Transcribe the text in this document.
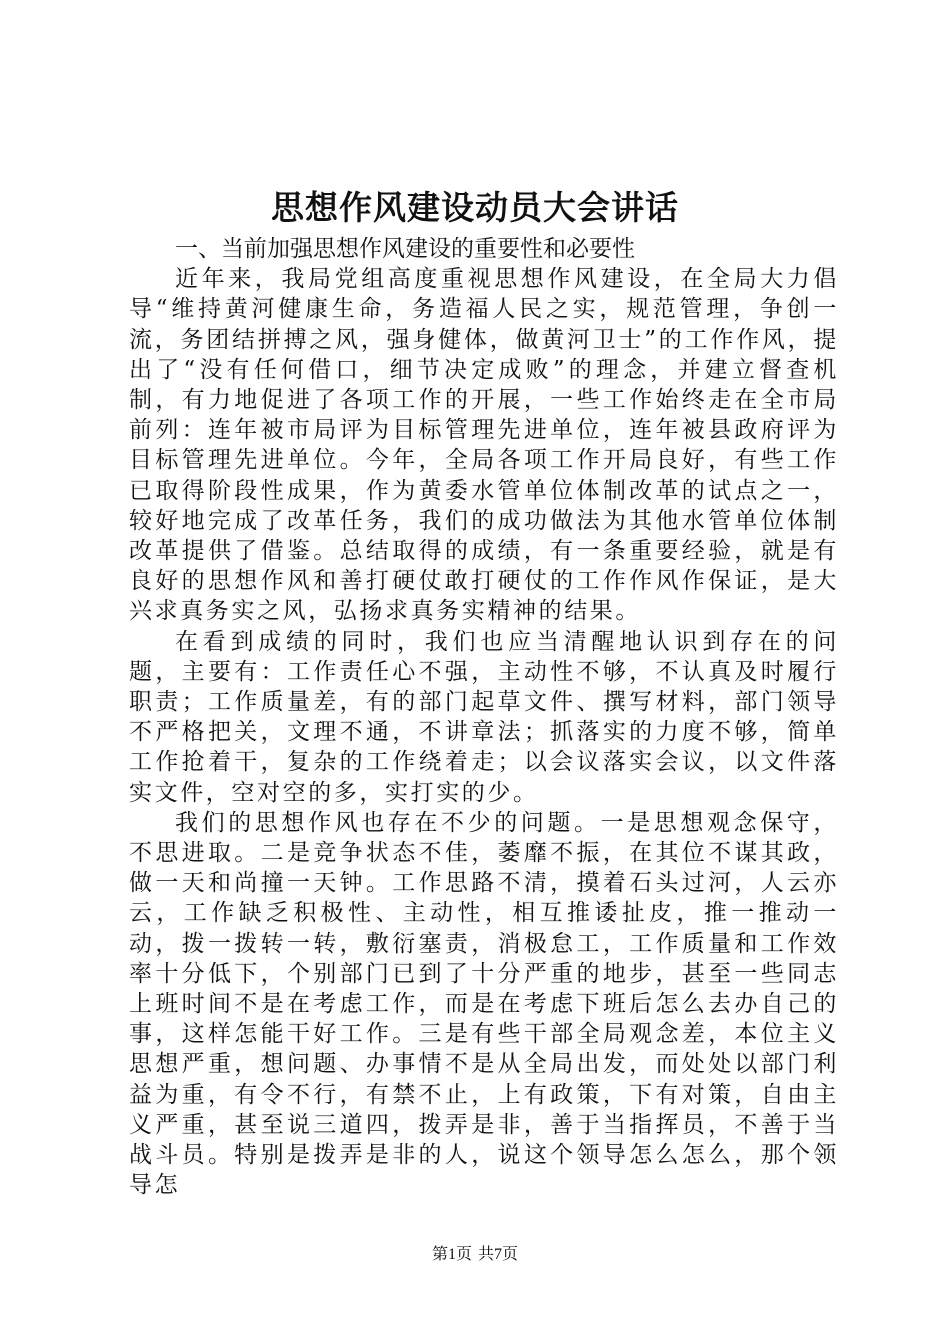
思想作风建设动员大会讲话

一、当前加强思想作风建设的重要性和必要性

近年来，我局党组高度重视思想作风建设，在全局大力倡导“维持黄河健康生命，务造福人民之实，规范管理，争创一流，务团结拼搏之风，强身健体，做黄河卫士”的工作作风，提出了“没有任何借口，细节决定成败”的理念，并建立督查机制，有力地促进了各项工作的开展，一些工作始终走在全市局前列：连年被市局评为目标管理先进单位，连年被县政府评为目标管理先进单位。今年，全局各项工作开局良好，有些工作已取得阶段性成果，作为黄委水管单位体制改革的试点之一，较好地完成了改革任务，我们的成功做法为其他水管单位体制改革提供了借鉴。总结取得的成绩，有一条重要经验，就是有良好的思想作风和善打硬仗敢打硬仗的工作作风作保证，是大兴求真务实之风，弘扬求真务实精神的结果。

在看到成绩的同时，我们也应当清醒地认识到存在的问题，主要有：工作责任心不强，主动性不够，不认真及时履行职责；工作质量差，有的部门起草文件、撰写材料，部门领导不严格把关，文理不通，不讲章法；抓落实的力度不够，简单工作抢着干，复杂的工作绕着走；以会议落实会议，以文件落实文件，空对空的多，实打实的少。

我们的思想作风也存在不少的问题。一是思想观念保守，不思进取。二是竞争状态不佳，萎靡不振，在其位不谋其政，做一天和尚撞一天钟。工作思路不清，摸着石头过河，人云亦云，工作缺乏积极性、主动性，相互推诿扯皮，推一推动一动，拨一拨转一转，敷衍塞责，消极怠工，工作质量和工作效率十分低下，个别部门已到了十分严重的地步，甚至一些同志上班时间不是在考虑工作，而是在考虑下班后怎么去办自己的事，这样怎能干好工作。三是有些干部全局观念差，本位主义思想严重，想问题、办事情不是从全局出发，而处处以部门利益为重，有令不行，有禁不止，上有政策，下有对策，自由主义严重，甚至说三道四，拨弄是非，善于当指挥员，不善于当战斗员。特别是拨弄是非的人，说这个领导怎么怎么，那个领导怎

第1页 共7页
